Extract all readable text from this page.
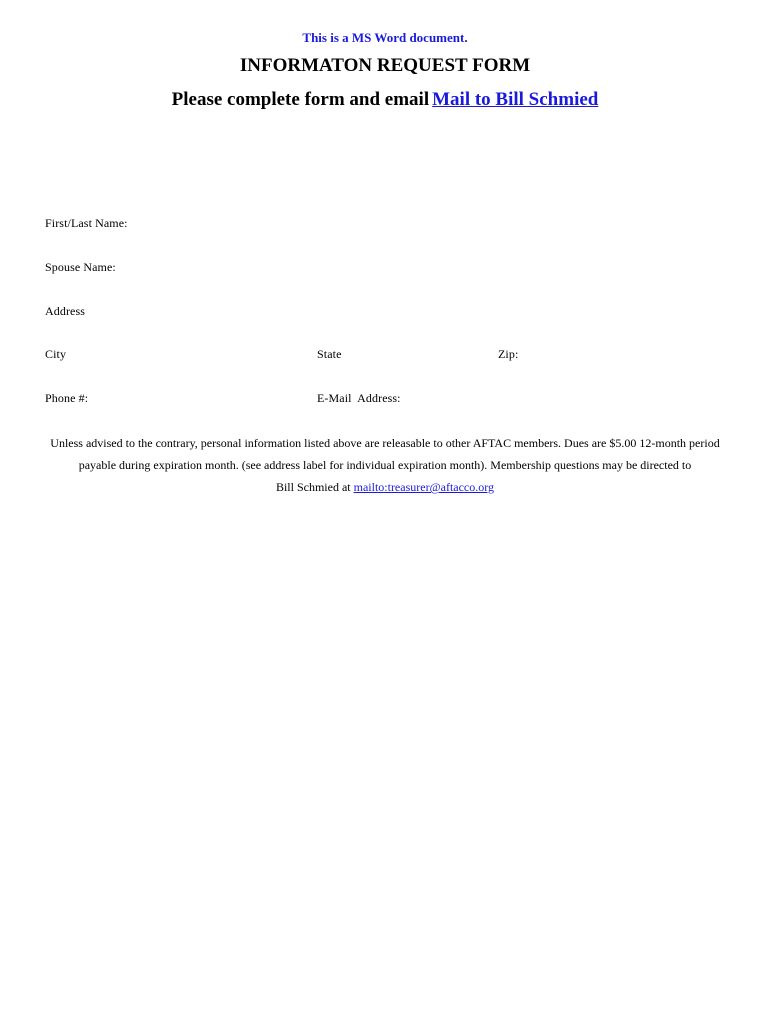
This is a MS Word document.
INFORMATON REQUEST FORM
Please complete form and email Mail to Bill Schmied
First/Last Name:
Spouse Name:
Address
City	State	Zip:
Phone #:	E-Mail  Address:

Unless advised to the contrary, personal information listed above are releasable to other AFTAC members. Dues are $5.00 12-month period payable during expiration month. (see address label for individual expiration month). Membership questions may be directed to

Bill Schmied at mailto:treasurer@aftacco.org
